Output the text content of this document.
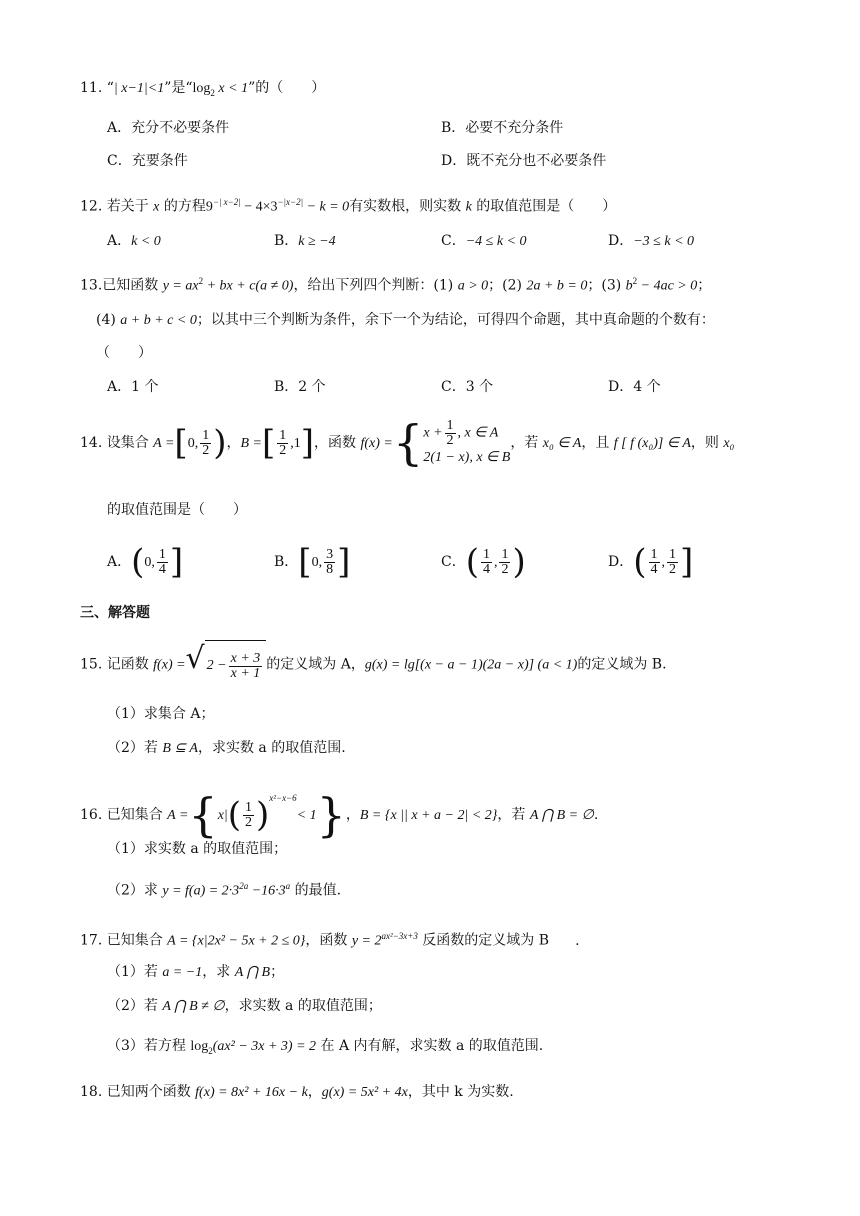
11. “| x−1|<1”是“$\log_2$ x < 1”的（　　）
A．充分不必要条件	B．必要不充分条件
C．充要条件	D．既不充分也不必要条件
12. 若关于 x 的方程$9^{-| x-2|} - 4\times 3^{-|x-2|} - k = 0$有实数根，则实数 k 的取值范围是（　　）
A．k < 0	B．k ≥ −4	C．−4 ≤ k < 0	D．−3 ≤ k < 0
13.已知函数 $y = ax^2$ + bx + c(a ≠ 0)，给出下列四个判断：(1) a > 0；(2) 2a + b = 0；(3) $b^2 - 4ac > 0$；
(4) a + b + c < 0；以其中三个判断为条件，余下一个为结论，可得四个命题，其中真命题的个数有：
（　　）
A．1 个	B．2 个	C．3 个	D．4 个
14. 设集合 A =[0, $\frac{1}{2}$ )，B =[ $\frac{1}{2} ,1$]，函数 f(x) ={ $x + \frac{1}{2}$ , x ∈ A
2(1 − x), x ∈ B
，若 x₀ ∈ A，且 f [ f (x₀)] ∈ A，则 x₀
的取值范围是（　　）
A．(0, $\frac{1}{4}$ ]	B．[0, $\frac{3}{8}$ ]	C．( $\frac{1}{4}$ , $\frac{1}{2}$ )	D．( $\frac{1}{4}$ , $\frac{1}{2}$ ]
三、解答题
15. 记函数 f(x) = √ $2 - \frac{x + 3}{x + 1}$ 的定义域为 A，g(x) = lg[(x − a − 1)(2a − x)] (a < 1)的定义域为 B.
（1）求集合 A；
（2）若 B ⊆ A，求实数 a 的取值范围.
16. 已知集合 $A =\{x|( \frac{1}{2} )^{x^2-x-6}< 1\}$，B = {x || x + a − 2| < 2}，若 A ⋂ B = ∅.
（1）求实数 a 的取值范围；
（2）求 $y = f(a) = 2\cdot 3^{2a} -16\cdot 3^a$ 的最值.
17. 已知集合 A = {x|2x² − 5x + 2 ≤ 0}，函数 $y = 2^{ax^2-3x+3}$ 反函数的定义域为 B .
（1）若 a = −1，求 A ⋂ B；
（2）若 A ⋂ B ≠ ∅，求实数 a 的取值范围；
（3）若方程 $\log_2(ax^2 - 3x + 3) = 2$ 在 A 内有解，求实数 a 的取值范围.
18. 已知两个函数 f(x) = 8x² + 16x − k，g(x) = 5x² + 4x，其中 k 为实数.
